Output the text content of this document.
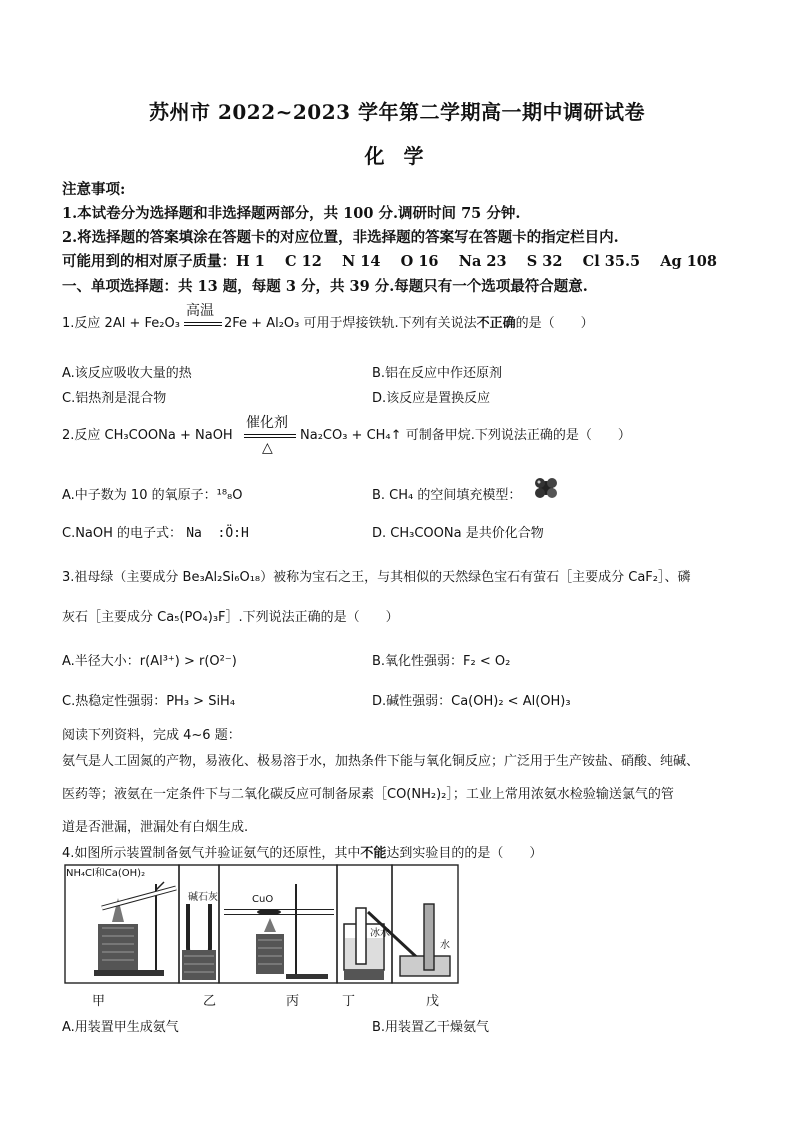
苏州市 2022~2023 学年第二学期高一期中调研试卷
化 学
注意事项:
1.本试卷分为选择题和非选择题两部分，共 100 分.调研时间 75 分钟.
2.将选择题的答案填涂在答题卡的对应位置，非选择题的答案写在答题卡的指定栏目内.
可能用到的相对原子质量：H 1    C 12    N 14    O 16    Na 23    S 32    Cl 35.5    Ag 108
一、单项选择题：共 13 题，每题 3 分，共 39 分.每题只有一个选项最符合题意.
1.反应 2Al + Fe₂O₃
高温
2Fe + Al₂O₃ 可用于焊接铁轨.下列有关说法不正确的是（　　）
A.该反应吸收大量的热	B.铝在反应中作还原剂
C.铝热剂是混合物	D.该反应是置换反应
2.反应 CH₃COONa + NaOH
催化剂
△
Na₂CO₃ + CH₄↑ 可制备甲烷.下列说法正确的是（　　）
A.中子数为 10 的氧原子：¹⁸₈O	B. CH₄ 的空间填充模型：
C.NaOH 的电子式： Na  :Ö:H	D. CH₃COONa 是共价化合物
3.祖母绿（主要成分 Be₃Al₂Si₆O₁₈）被称为宝石之王，与其相似的天然绿色宝石有萤石［主要成分 CaF₂］、磷
灰石［主要成分 Ca₅(PO₄)₃F］.下列说法正确的是（　　）
A.半径大小：r(Al³⁺) > r(O²⁻)	B.氧化性强弱：F₂ < O₂
C.热稳定性强弱：PH₃ > SiH₄	D.碱性强弱：Ca(OH)₂ < Al(OH)₃
阅读下列资料，完成 4~6 题：
氨气是人工固氮的产物，易液化、极易溶于水，加热条件下能与氧化铜反应；广泛用于生产铵盐、硝酸、纯碱、
医药等；液氨在一定条件下与二氧化碳反应可制备尿素［CO(NH₂)₂］；工业上常用浓氨水检验输送氯气的管
道是否泄漏，泄漏处有白烟生成.
4.如图所示装置制备氨气并验证氨气的还原性，其中不能达到实验目的的是（　　）
NH₄Cl和Ca(OH)₂
碱石灰	CuO
冰水
水
甲	乙	丙	丁	戊
A.用装置甲生成氨气	B.用装置乙干燥氨气
